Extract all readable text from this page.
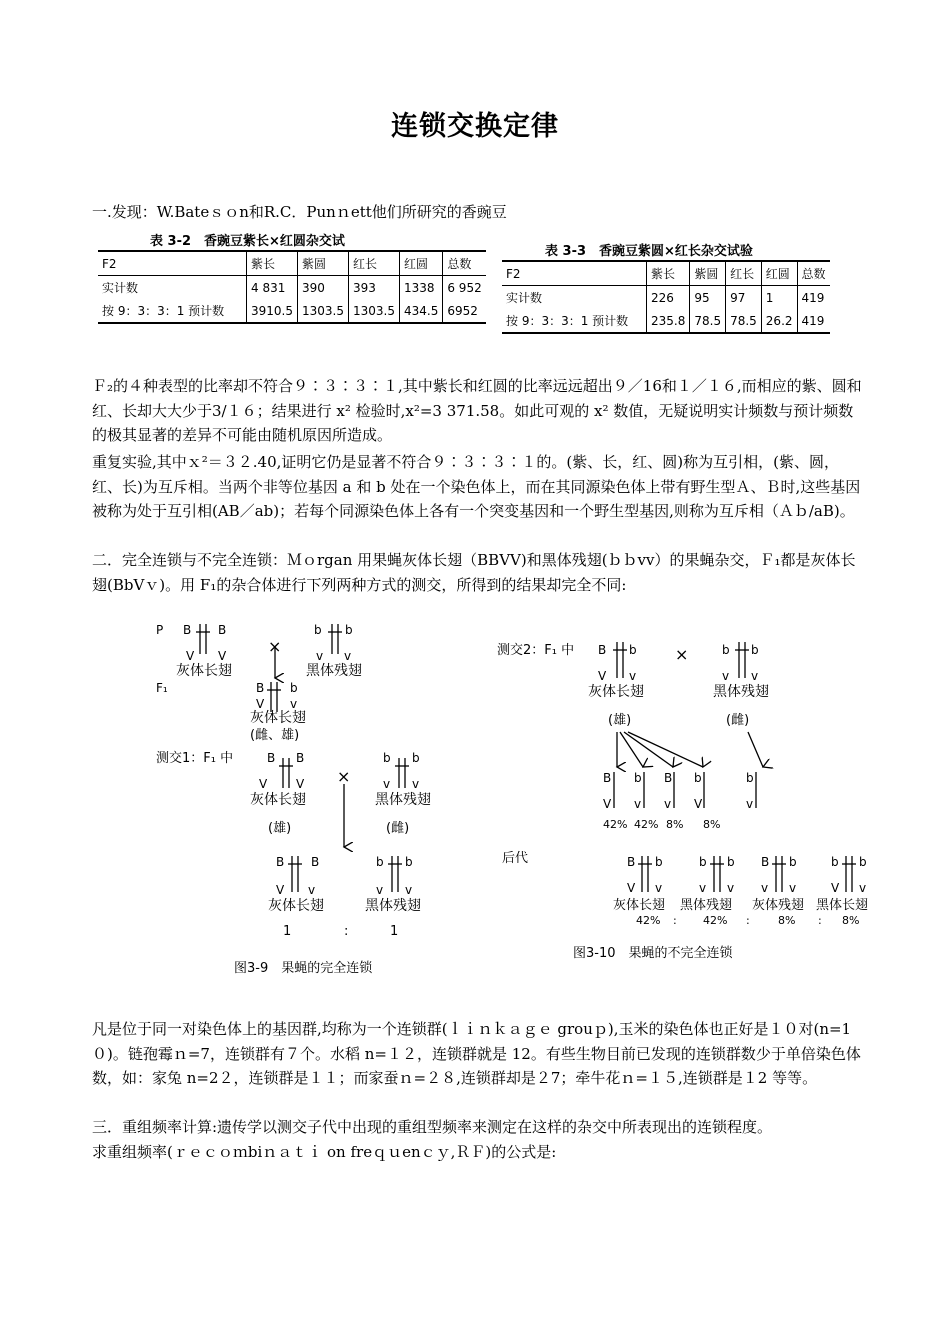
连锁交换定律
一.发现：W.Bateｓｏn和R.C．Punｎett他们所研究的香豌豆
表 3-2　香豌豆紫长×红圆杂交试
F2	紫长	紫圆	红长	红圆	总数
实计数	4 831	390	393	1338	6 952
按 9：3：3：1 预计数	3910.5	1303.5	1303.5	434.5	6952
表 3-3　香豌豆紫圆×红长杂交试验
F2	紫长	紫圆	红长	红圆	总数
实计数	226	95	97	1	419
按 9：3：3：1 预计数	235.8	78.5	78.5	26.2	419
Ｆ₂的４种表型的比率却不符合９∶３∶３∶１,其中紫长和红圆的比率远远超出９／16和１／１６,而相应的紫、圆和红、长却大大少于3/１６；结果进行 x² 检验时,x²=3 371.58。如此可观的 x² 数值，无疑说明实计频数与预计频数的极其显著的差异不可能由随机原因所造成。
重复实验,其中ｘ²＝３２.40,证明它仍是显著不符合９∶３∶３∶１的。(紫、长，红、圆)称为互引相，(紫、圆，红、长)为互斥相。当两个非等位基因 a 和 b 处在一个染色体上，而在其同源染色体上带有野生型Ａ、Ｂ时,这些基因被称为处于互引相(AB／ab)；若每个同源染色体上各有一个突变基因和一个野生型基因,则称为互斥相（Ａｂ/aB)。
二．完全连锁与不完全连锁：Ｍｏrgan 用果蝇灰体长翅（BBVV)和黑体残翅(ｂｂvv）的果蝇杂交，Ｆ₁都是灰体长翅(BbVｖ)。用 F₁的杂合体进行下列两种方式的测交，所得到的结果却完全不同:
P B B
V V
b b
v v
×
灰体长翅	黑体残翅
F₁	B b
V v
灰体长翅
(雌、雄)
测交1：F₁ 中	B B
V V
b b
v v
×
灰体长翅	黑体残翅
(雄)	(雌)
B B
V v
b b
v v
灰体长翅	黑体残翅
1	:	1
图3-9　果蝇的完全连锁
测交2：F₁ 中 B b
V v
×	b b
v v
灰体长翅	黑体残翅
(雄)	(雌)
B
V
b
v
B
v
b
V
b
v
42% 42% 8% 8%
后代	B b
V v
b b
v v
B b
v v
b b
V v
灰体长翅 黑体残翅 灰体残翅 黑体长翅
42% : 42% :	8% : 8%
图3-10　果蝇的不完全连锁
凡是位于同一对染色体上的基因群,均称为一个连锁群(ｌｉｎｋａｇｅ grouｐ),玉米的染色体也正好是１０对(n=1０)。链孢霉ｎ=7，连锁群有７个。水稻 n=１２，连锁群就是 12。有些生物目前已发现的连锁群数少于单倍染色体数，如：家兔 n=2２，连锁群是１１；而家蚕ｎ=２８,连锁群却是２7；牵牛花ｎ=１５,连锁群是１2 等等。
三．重组频率计算:遗传学以测交子代中出现的重组型频率来测定在这样的杂交中所表现出的连锁程度。
求重组频率(ｒｅｃｏｍbiｎａｔｉ on freｑｕenｃｙ,ＲＦ)的公式是:
